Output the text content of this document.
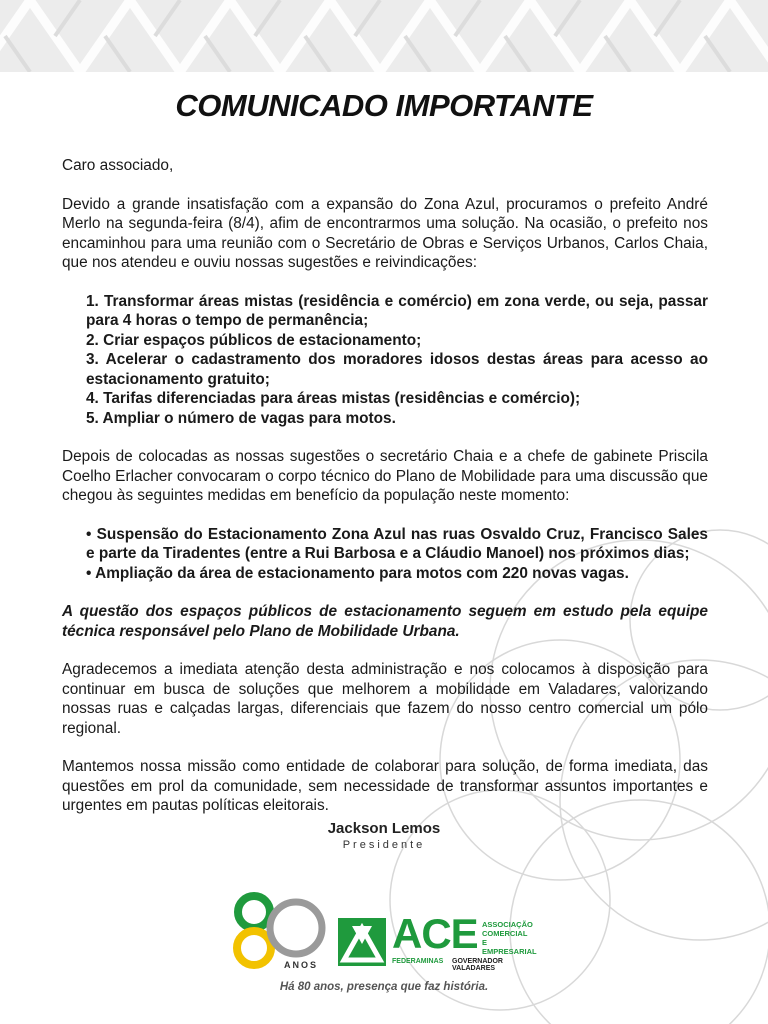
COMUNICADO IMPORTANTE

Caro associado,

Devido a grande insatisfação com a expansão do Zona Azul, procuramos o prefeito André Merlo na segunda-feira (8/4), afim de encontrarmos uma solução. Na ocasião, o prefeito nos encaminhou para uma reunião com o Secretário de Obras e Serviços Urbanos, Carlos Chaia, que nos atendeu e ouviu nossas sugestões e reivindicações:

1. Transformar áreas mistas (residência e comércio) em zona verde, ou seja, passar para 4 horas o tempo de permanência;
2. Criar espaços públicos de estacionamento;
3. Acelerar o cadastramento dos moradores idosos destas áreas para acesso ao estacionamento gratuito;
4. Tarifas diferenciadas para áreas mistas (residências e comércio);
5. Ampliar o número de vagas para motos.

Depois de colocadas as nossas sugestões o secretário Chaia e a chefe de gabinete Priscila Coelho Erlacher convocaram o corpo técnico do Plano de Mobilidade para uma discussão que chegou às seguintes medidas em benefício da população neste momento:

• Suspensão do Estacionamento Zona Azul nas ruas Osvaldo Cruz, Francisco Sales e parte da Tiradentes (entre a Rui Barbosa e a Cláudio Manoel) nos próximos dias;
• Ampliação da área de estacionamento para motos com 220 novas vagas.

A questão dos espaços públicos de estacionamento seguem em estudo pela equipe técnica responsável pelo Plano de Mobilidade Urbana.

Agradecemos a imediata atenção desta administração e nos colocamos à disposição para continuar em busca de soluções que melhorem a mobilidade em Valadares, valorizando nossas ruas e calçadas largas, diferenciais que fazem do nosso centro comercial um pólo regional.

Mantemos nossa missão como entidade de colaborar para solução, de forma imediata, das questões em prol da comunidade, sem necessidade de transformar assuntos importantes e urgentes em pautas políticas eleitorais.

Jackson Lemos
Presidente
ANOS
ACE ASSOCIAÇÃO
COMERCIAL
E EMPRESARIAL
FEDERAMINAS GOVERNADOR VALADARES
Há 80 anos, presença que faz história.
